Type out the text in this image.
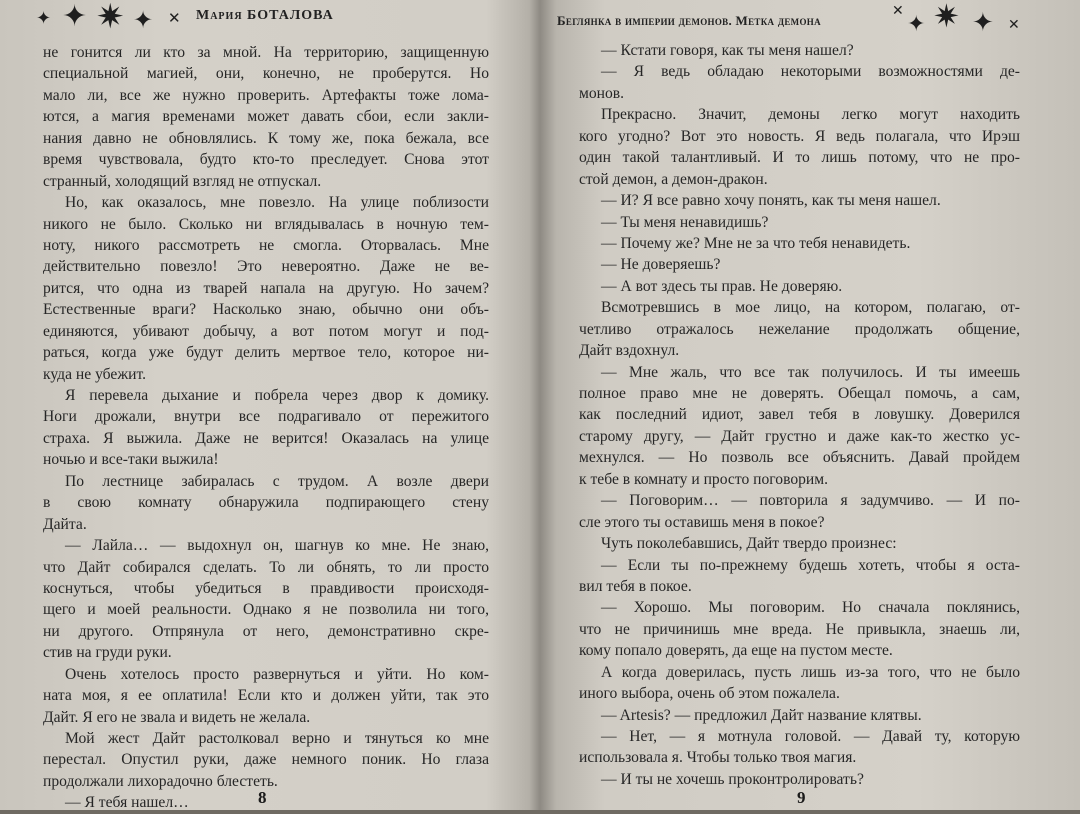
✦ ✦ ✷ ✦ ✕ Мария БОТАЛОВА
не гонится ли кто за мной. На территорию, защищенную
специальной магией, они, конечно, не проберутся. Но
мало ли, все же нужно проверить. Артефакты тоже лома-
ются, а магия временами может давать сбои, если закли-
нания давно не обновлялись. К тому же, пока бежала, все
время чувствовала, будто кто-то преследует. Снова этот
странный, холодящий взгляд не отпускал.
Но, как оказалось, мне повезло. На улице поблизости
никого не было. Сколько ни вглядывалась в ночную тем-
ноту, никого рассмотреть не смогла. Оторвалась. Мне
действительно повезло! Это невероятно. Даже не ве-
рится, что одна из тварей напала на другую. Но зачем?
Естественные враги? Насколько знаю, обычно они объ-
единяются, убивают добычу, а вот потом могут и под-
раться, когда уже будут делить мертвое тело, которое ни-
куда не убежит.
Я перевела дыхание и побрела через двор к домику.
Ноги дрожали, внутри все подрагивало от пережитого
страха. Я выжила. Даже не верится! Оказалась на улице
ночью и все-таки выжила!
По лестнице забиралась с трудом. А возле двери
в свою комнату обнаружила подпирающего стену
Дайта.
— Лайла… — выдохнул он, шагнув ко мне. Не знаю,
что Дайт собирался сделать. То ли обнять, то ли просто
коснуться, чтобы убедиться в правдивости происходя-
щего и моей реальности. Однако я не позволила ни того,
ни другого. Отпрянула от него, демонстративно скре-
стив на груди руки.
Очень хотелось просто развернуться и уйти. Но ком-
ната моя, я ее оплатила! Если кто и должен уйти, так это
Дайт. Я его не звала и видеть не желала.
Мой жест Дайт растолковал верно и тянуться ко мне
перестал. Опустил руки, даже немного поник. Но глаза
продолжали лихорадочно блестеть.
— Я тебя нашел…	8
Беглянка в империи демонов. Метка демона
✕
✦ ✷ ✦ ✕
— Кстати говоря, как ты меня нашел?
— Я ведь обладаю некоторыми возможностями де-
монов.
Прекрасно. Значит, демоны легко могут находить
кого угодно? Вот это новость. Я ведь полагала, что Ирэш
один такой талантливый. И то лишь потому, что не про-
стой демон, а демон-дракон.
— И? Я все равно хочу понять, как ты меня нашел.
— Ты меня ненавидишь?
— Почему же? Мне не за что тебя ненавидеть.
— Не доверяешь?
— А вот здесь ты прав. Не доверяю.
Всмотревшись в мое лицо, на котором, полагаю, от-
четливо отражалось нежелание продолжать общение,
Дайт вздохнул.
— Мне жаль, что все так получилось. И ты имеешь
полное право мне не доверять. Обещал помочь, а сам,
как последний идиот, завел тебя в ловушку. Доверился
старому другу, — Дайт грустно и даже как-то жестко ус-
мехнулся. — Но позволь все объяснить. Давай пройдем
к тебе в комнату и просто поговорим.
— Поговорим… — повторила я задумчиво. — И по-
сле этого ты оставишь меня в покое?
Чуть поколебавшись, Дайт твердо произнес:
— Если ты по-прежнему будешь хотеть, чтобы я оста-
вил тебя в покое.
— Хорошо. Мы поговорим. Но сначала поклянись,
что не причинишь мне вреда. Не привыкла, знаешь ли,
кому попало доверять, да еще на пустом месте.
А когда доверилась, пусть лишь из-за того, что не было
иного выбора, очень об этом пожалела.
— Artesis? — предложил Дайт название клятвы.
— Нет, — я мотнула головой. — Давай ту, которую
использовала я. Чтобы только твоя магия.
— И ты не хочешь проконтролировать?
9
